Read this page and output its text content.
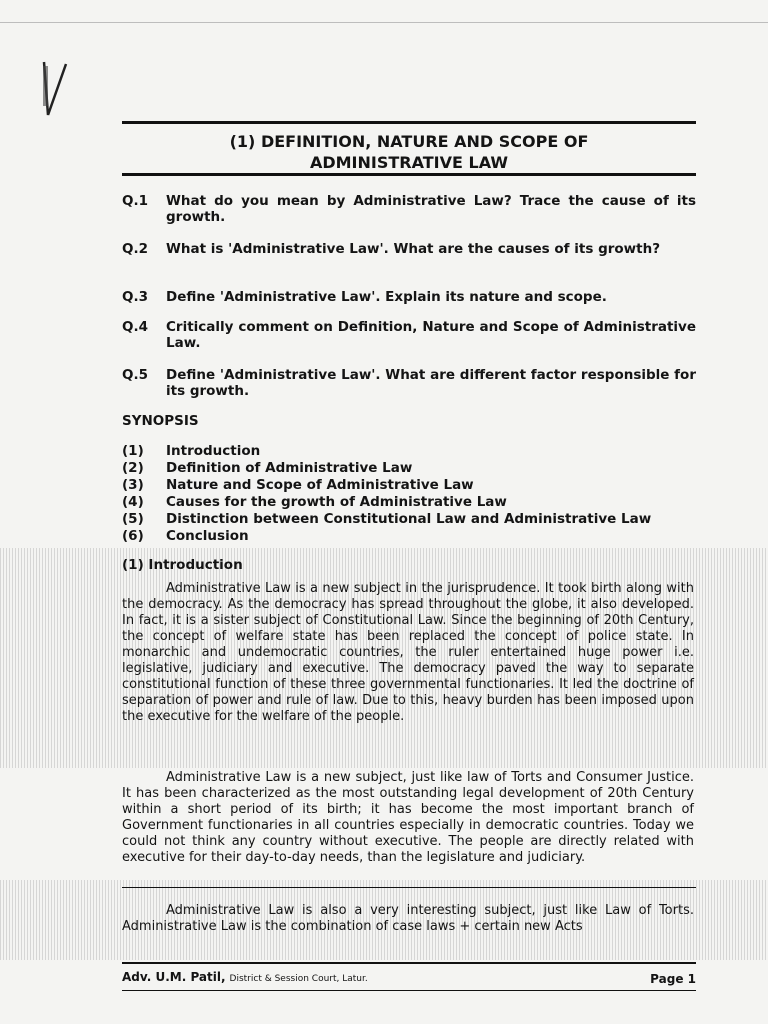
(1) DEFINITION, NATURE AND SCOPE OF
ADMINISTRATIVE LAW
Q.1 What do you mean by Administrative Law? Trace the cause of its growth.
Q.2 What is 'Administrative Law'. What are the causes of its growth?
Q.3 Define 'Administrative Law'. Explain its nature and scope.
Q.4 Critically comment on Definition, Nature and Scope of Administrative Law.
Q.5 Define 'Administrative Law'. What are different factor responsible for its growth.
SYNOPSIS
(1)	Introduction
(2)	Definition of Administrative Law
(3)	Nature and Scope of Administrative Law
(4)	Causes for the growth of Administrative Law
(5)	Distinction between Constitutional Law and Administrative Law
(6)	Conclusion
(1) Introduction
Administrative Law is a new subject in the jurisprudence. It took birth along with the democracy. As the democracy has spread throughout the globe, it also developed. In fact, it is a sister subject of Constitutional Law. Since the beginning of 20th Century, the concept of welfare state has been replaced the concept of police state. In monarchic and undemocratic countries, the ruler entertained huge power i.e. legislative, judiciary and executive. The democracy paved the way to separate constitutional function of these three governmental functionaries. It led the doctrine of separation of power and rule of law. Due to this, heavy burden has been imposed upon the executive for the welfare of the people.
Administrative Law is a new subject, just like law of Torts and Consumer Justice. It has been characterized as the most outstanding legal development of 20th Century within a short period of its birth; it has become the most important branch of Government functionaries in all countries especially in democratic countries. Today we could not think any country without executive. The people are directly related with executive for their day-to-day needs, than the legislature and judiciary.
Administrative Law is also a very interesting subject, just like Law of Torts. Administrative Law is the combination of case laws + certain new Acts
Adv. U.M. Patil, District & Session Court, Latur.	Page 1
